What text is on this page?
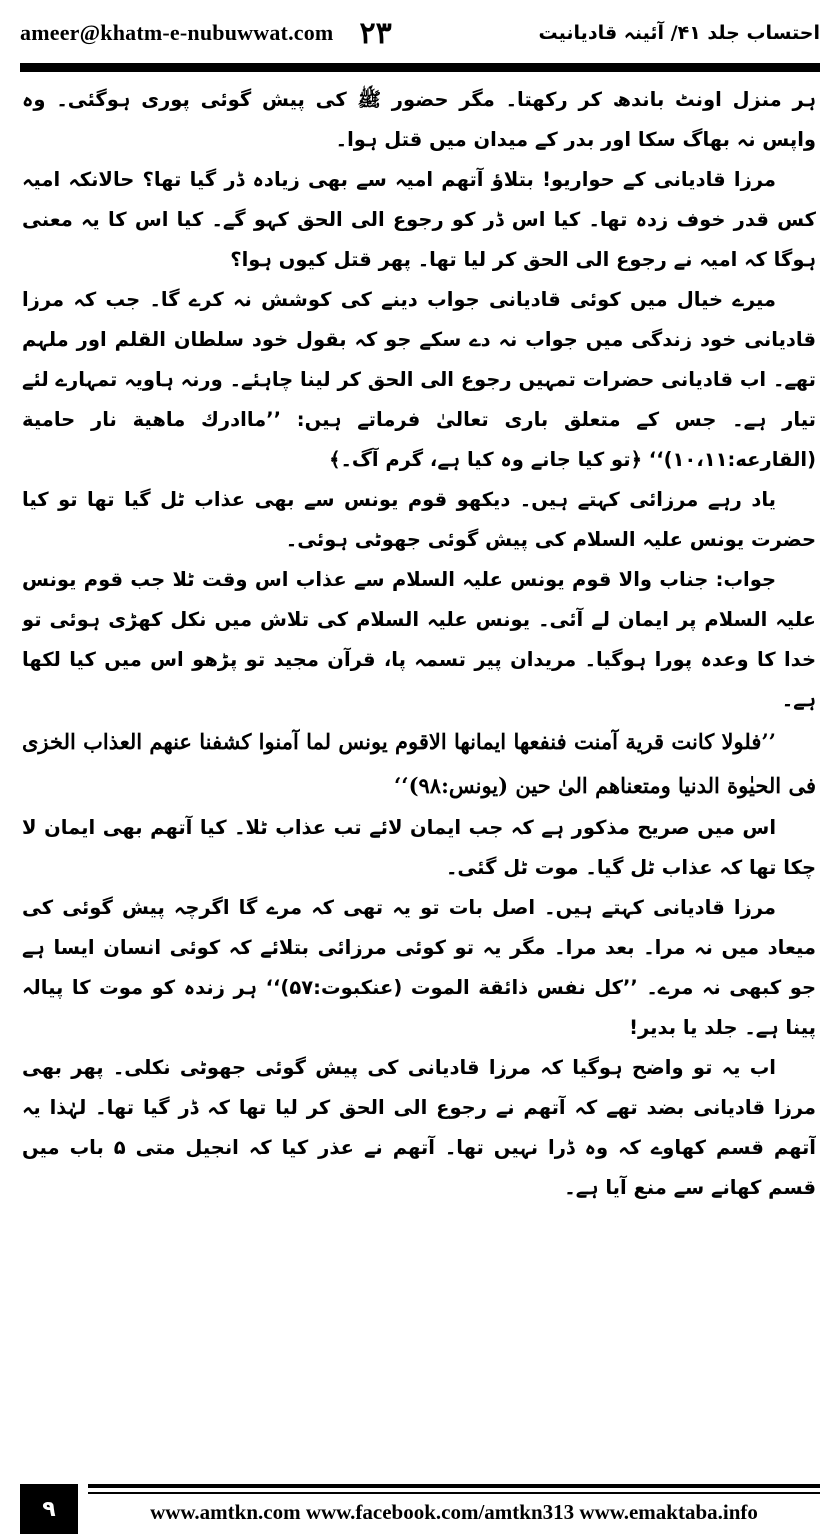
ameer@khatm-e-nubuwwat.com ۲۳	احتساب جلد ۴۱/ آئینہ قادیانیت

ہر منزل اونٹ باندھ کر رکھتا۔ مگر حضور ﷺ کی پیش گوئی پوری ہوگئی۔ وہ واپس نہ بھاگ سکا اور بدر کے میدان میں قتل ہوا۔

مرزا قادیانی کے حواریو! بتلاؤ آتھم امیہ سے بھی زیادہ ڈر گیا تھا؟ حالانکہ امیہ کس قدر خوف زدہ تھا۔ کیا اس ڈر کو رجوع الی الحق کہو گے۔ کیا اس کا یہ معنی ہوگا کہ امیہ نے رجوع الی الحق کر لیا تھا۔ پھر قتل کیوں ہوا؟

میرے خیال میں کوئی قادیانی جواب دینے کی کوشش نہ کرے گا۔ جب کہ مرزا قادیانی خود زندگی میں جواب نہ دے سکے جو کہ بقول خود سلطان القلم اور ملہم تھے۔ اب قادیانی حضرات تمہیں رجوع الی الحق کر لینا چاہئے۔ ورنہ ہاویہ تمہارے لئے تیار ہے۔ جس کے متعلق باری تعالیٰ فرماتے ہیں: ’’ماادرك ماهية نار حامية (القارعه:۱۰،۱۱)‘‘ ﴿تو کیا جانے وہ کیا ہے، گرم آگ۔﴾

یاد رہے مرزائی کہتے ہیں۔ دیکھو قوم یونس سے بھی عذاب ٹل گیا تھا تو کیا حضرت یونس علیہ السلام کی پیش گوئی جھوٹی ہوئی۔

جواب: جناب والا قوم یونس علیہ السلام سے عذاب اس وقت ٹلا جب قوم یونس علیہ السلام پر ایمان لے آئی۔ یونس علیہ السلام کی تلاش میں نکل کھڑی ہوئی تو خدا کا وعدہ پورا ہوگیا۔ مریدان پیر تسمہ پا، قرآن مجید تو پڑھو اس میں کیا لکھا ہے۔

’’فلولا كانت قرية آمنت فنفعها ايمانها الاقوم يونس لما آمنوا كشفنا عنهم العذاب الخزى فى الحيٰوة الدنيا ومتعناهم الىٰ حين (يونس:۹۸)‘‘

اس میں صریح مذکور ہے کہ جب ایمان لائے تب عذاب ٹلا۔ کیا آتھم بھی ایمان لا چکا تھا کہ عذاب ٹل گیا۔ موت ٹل گئی۔

مرزا قادیانی کہتے ہیں۔ اصل بات تو یہ تھی کہ مرے گا اگرچہ پیش گوئی کی میعاد میں نہ مرا۔ بعد مرا۔ مگر یہ تو کوئی مرزائی بتلائے کہ کوئی انسان ایسا ہے جو کبھی نہ مرے۔ ’’كل نفس ذائقة الموت (عنكبوت:۵۷)‘‘ ہر زندہ کو موت کا پیالہ پینا ہے۔ جلد یا بدیر!

اب یہ تو واضح ہوگیا کہ مرزا قادیانی کی پیش گوئی جھوٹی نکلی۔ پھر بھی مرزا قادیانی بضد تھے کہ آتھم نے رجوع الی الحق کر لیا تھا کہ ڈر گیا تھا۔ لہٰذا یہ آتھم قسم کھاوے کہ وہ ڈرا نہیں تھا۔ آتھم نے عذر کیا کہ انجیل متی ۵ باب میں قسم کھانے سے منع آیا ہے۔

۹	www.amtkn.com www.facebook.com/amtkn313 www.emaktaba.info
